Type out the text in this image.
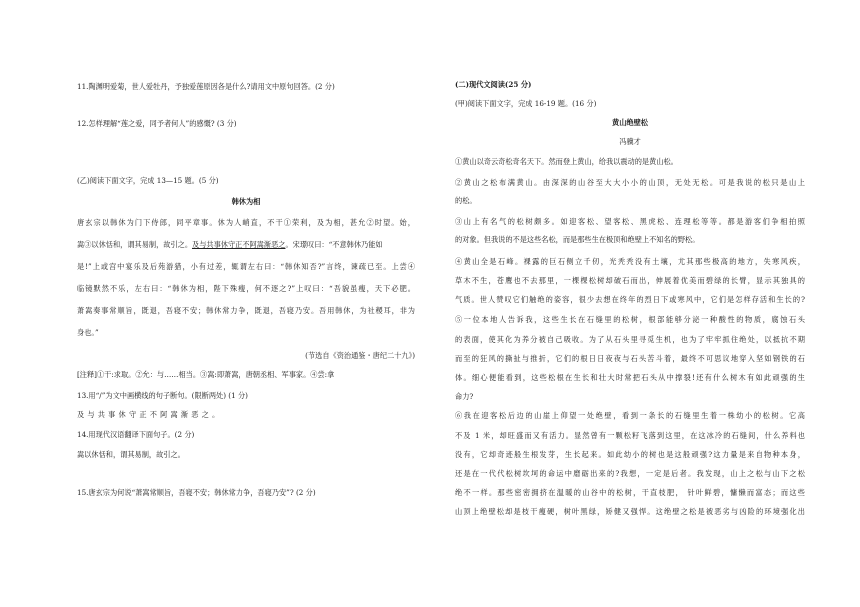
11.陶渊明爱菊，世人爱牡丹，予独爱莲原因各是什么?请用文中原句回答。(2 分)
12.怎样理解“莲之爱，同予者何人”的感慨? (3 分)
(乙)阅读下面文字，完成 13—15 题。(5 分)
韩休为相
唐玄宗以韩休为门下侍郎，同平章事。休为人峭直，不干①荣利，及为相，甚允②时望。始，
嵩③以休恬和，谓其易制，故引之。及与共事休守正不阿嵩渐恶之。宋璟叹曰：“不意韩休乃能如
是!”上或宫中宴乐及后苑游猎，小有过差，辄谓左右曰：“韩休知否?”言终，谏疏已至。上尝④
临镜默然不乐，左右曰：“韩休为相，陛下殊瘦，何不逐之?”上叹曰：“吾貌虽瘦，天下必肥。
萧嵩奏事常顺旨，既退，吾寝不安；韩休常力争，既退，吾寝乃安。吾用韩休，为社稷耳，非为
身也。”
(节选自《资治通鉴・唐纪二十九》)
[注释]①干:求取。②允：与……相当。③嵩:即萧嵩，唐朝丞相、军事家。④尝:拿
13.用“/”为文中画横线的句子断句。(限断两处) (1 分)
及与共事休守正不阿嵩渐恶之。
14.用现代汉语翻译下面句子。(2 分)
嵩以休恬和，谓其易制，故引之。
15.唐玄宗为何说“萧嵩常顺旨，吾寝不安；韩休常力争，吾寝乃安”? (2 分)
(二)现代文阅读(25 分)
(甲)阅读下面文字，完成 16-19 题。(16 分)
黄山绝壁松
冯骥才
①黄山以奇云奇松奇名天下。然而登上黄山，给我以震动的是黄山松。
②黄山之松布满黄山。由深深的山谷至大大小小的山顶，无处无松。可是我说的松只是山上
的松。
③山上有名气的松树颇多。如迎客松、望客松、黑虎松、连理松等等。都是游客们争相拍照
的对象。但我说的不是这些名松，而是那些生在极顶和绝壁上不知名的野松。
④黄山全是石峰。裸露的巨石侧立千仞，光秃秃没有土壤，尤其那些极高的地方，失寒风疾，
草木不生，苍鹰也不去那里，一棵棵松树却破石而出，伸展着优美而碧绿的长臂，显示其独具的
气质。世人赞叹它们触绝的姿容，很少去想在终年的烈日下或寒风中，它们是怎样存活和生长的?
⑤一位本地人告诉我，这些生长在石缝里的松树，根部能够分泌一种酸性的物质，腐蚀石头
的表面，使其化为养分被自己吸收。为了从石头里寻觅生机，也为了牢牢抓住绝处，以抵抗不期
而至的狂风的撕扯与推折，它们的根日日夜夜与石头苦斗着，最终不可思议地穿入坚如钢铁的石
体。细心便能看到，这些松根在生长和壮大时常把石头从中撑裂!还有什么树木有如此顽强的生
命力?
⑥我在迎客松后边的山崖上仰望一处绝壁，看到一条长的石缝里生着一株幼小的松树。它高
不及 1 米，却旺盛而又有活力。显然曾有一颗松籽飞落到这里，在这冰冷的石缝间，什么养料也
没有，它却奇迹般生根发芽，生长起来。如此幼小的树也是这般顽强?这力量是来自物种本身，
还是在一代代松树坎坷的命运中磨砺出来的?我想，一定是后者。我发现，山上之松与山下之松
绝不一样。那些密密拥挤在温暖的山谷中的松树，干直枝肥， 针叶鲜碧，慵懒而富态；而这些
山顶上绝壁松却是枝干瘦硬，树叶黑绿，矫健又强悍。这绝壁之松是被恶劣与凶险的环境强化出
